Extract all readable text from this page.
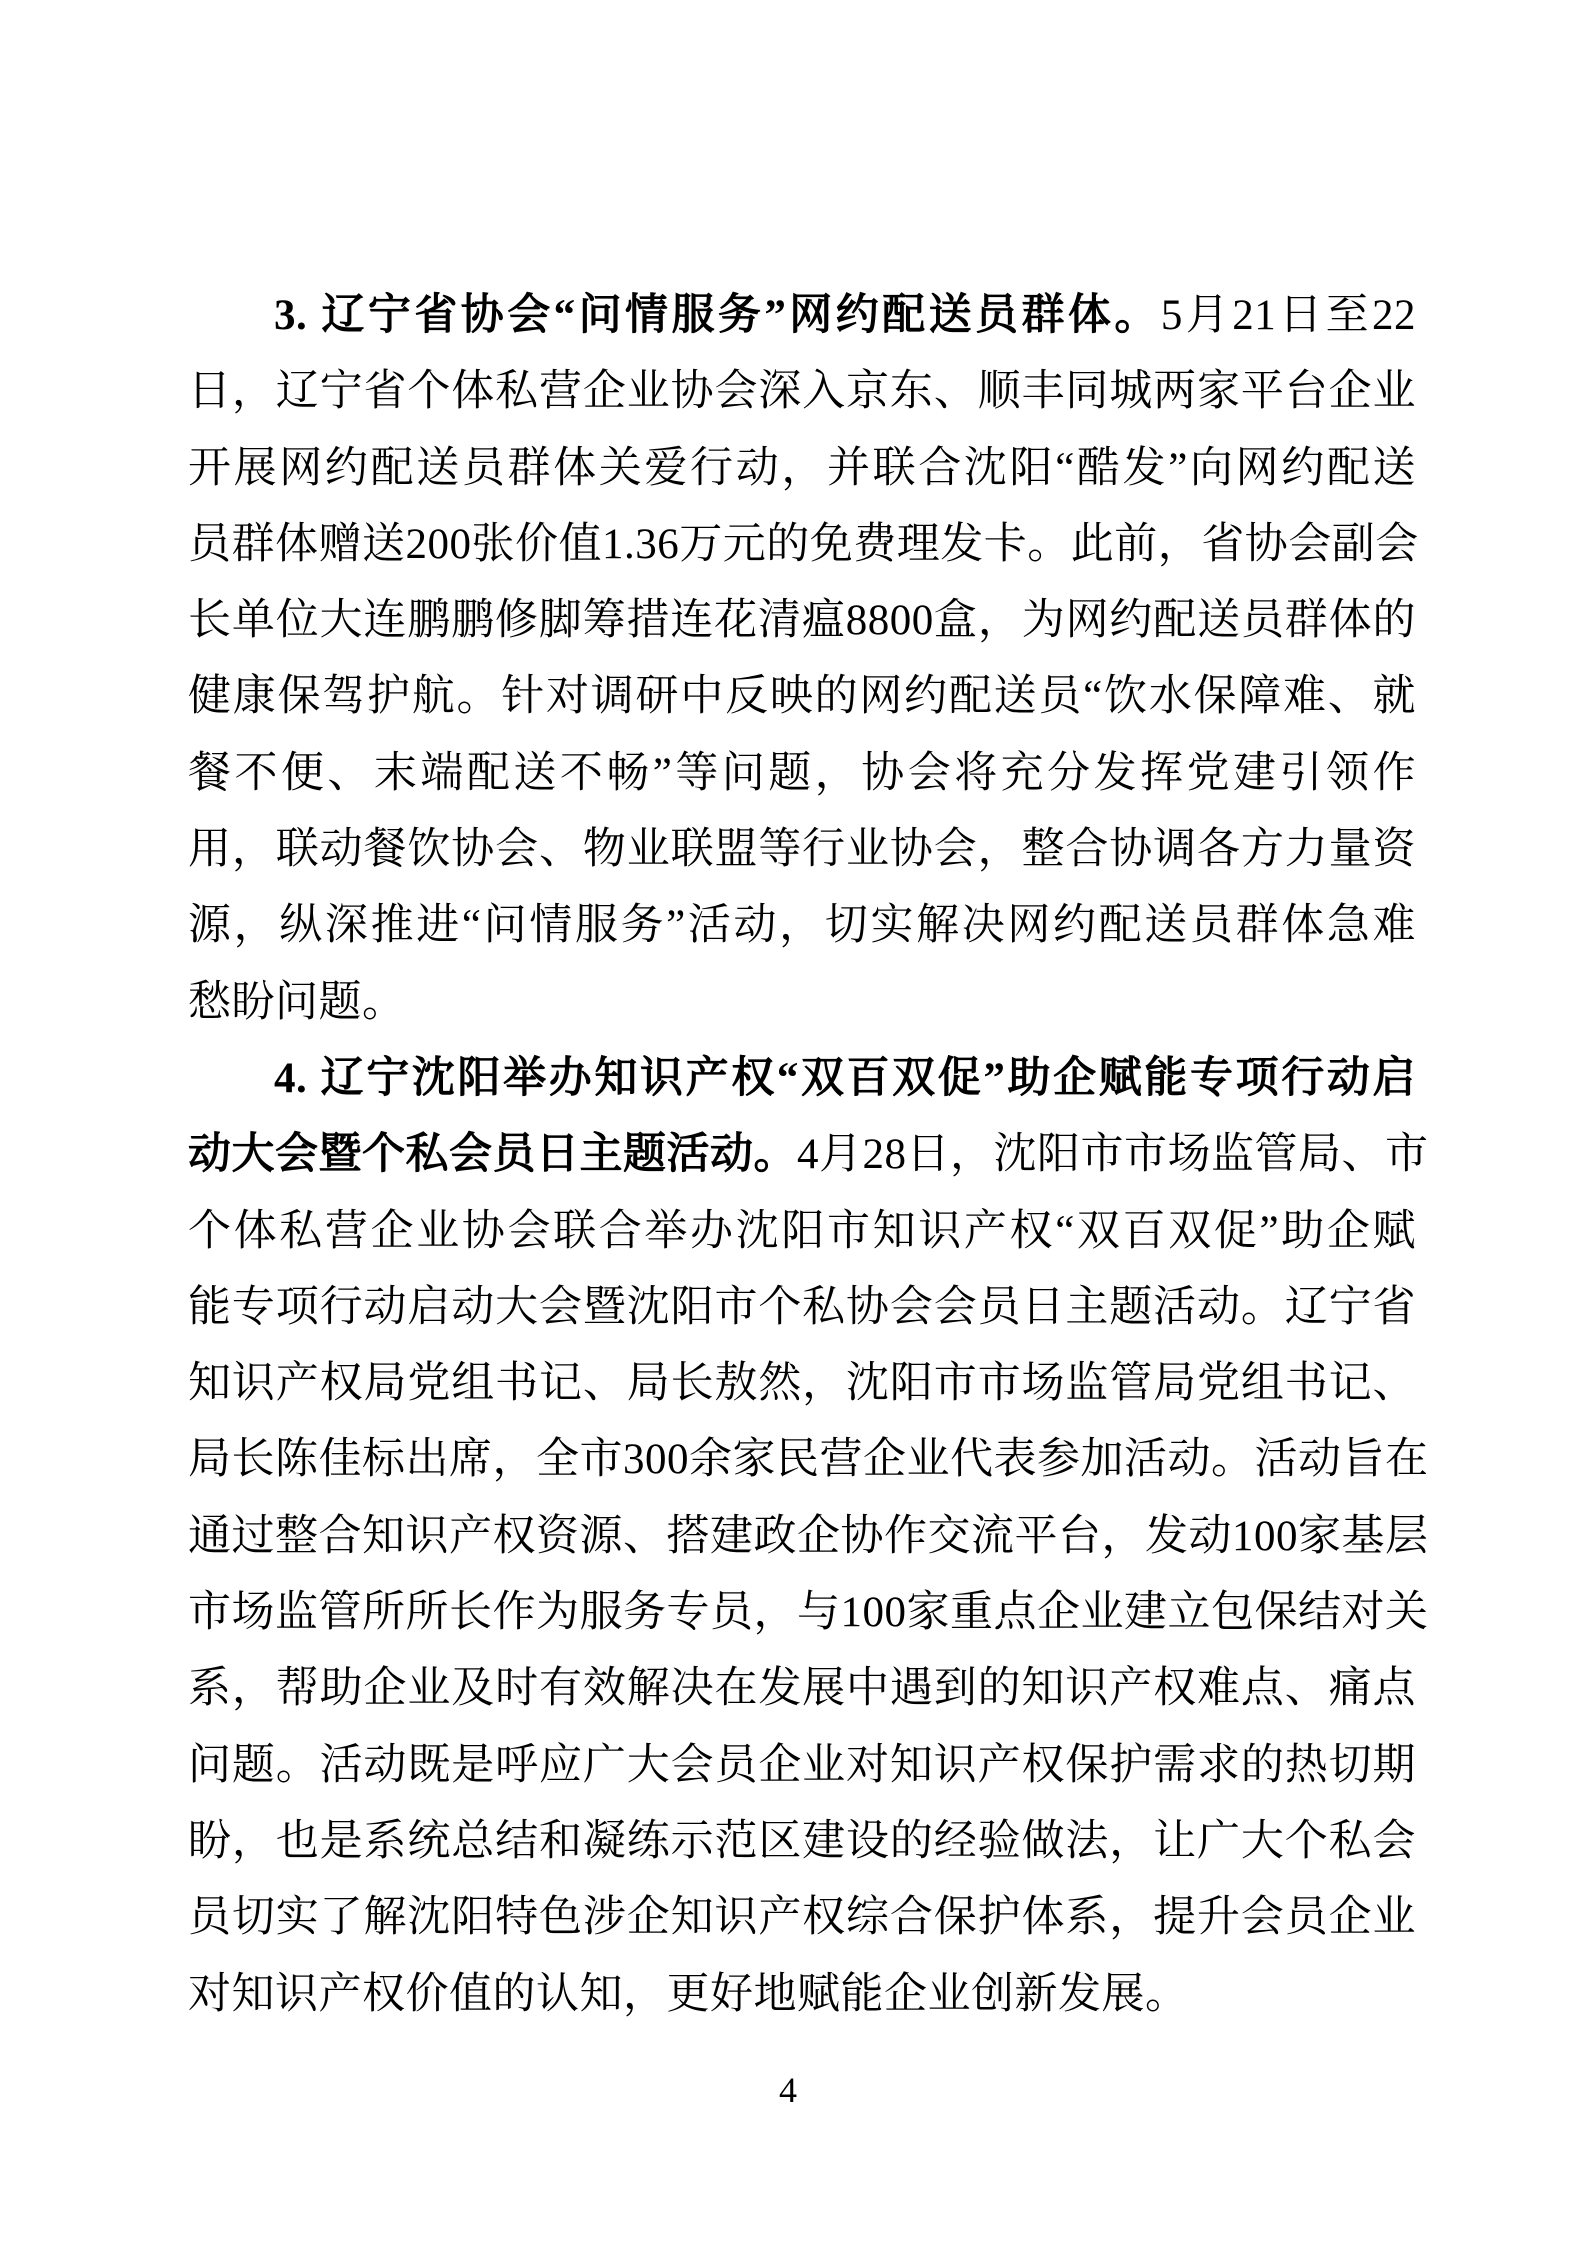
3. 辽宁省协会“问情服务”网约配送员群体。5月21日至22
日，辽宁省个体私营企业协会深入京东、顺丰同城两家平台企业
开展网约配送员群体关爱行动，并联合沈阳“酷发”向网约配送
员群体赠送200张价值1.36万元的免费理发卡。此前，省协会副会
长单位大连鹏鹏修脚筹措连花清瘟8800盒，为网约配送员群体的
健康保驾护航。针对调研中反映的网约配送员“饮水保障难、就
餐不便、末端配送不畅”等问题，协会将充分发挥党建引领作
用，联动餐饮协会、物业联盟等行业协会，整合协调各方力量资
源，纵深推进“问情服务”活动，切实解决网约配送员群体急难
愁盼问题。
4. 辽宁沈阳举办知识产权“双百双促”助企赋能专项行动启
动大会暨个私会员日主题活动。4月28日，沈阳市市场监管局、市
个体私营企业协会联合举办沈阳市知识产权“双百双促”助企赋
能专项行动启动大会暨沈阳市个私协会会员日主题活动。辽宁省
知识产权局党组书记、局长敖然，沈阳市市场监管局党组书记、
局长陈佳标出席，全市300余家民营企业代表参加活动。活动旨在
通过整合知识产权资源、搭建政企协作交流平台，发动100家基层
市场监管所所长作为服务专员，与100家重点企业建立包保结对关
系，帮助企业及时有效解决在发展中遇到的知识产权难点、痛点
问题。活动既是呼应广大会员企业对知识产权保护需求的热切期
盼，也是系统总结和凝练示范区建设的经验做法，让广大个私会
员切实了解沈阳特色涉企知识产权综合保护体系，提升会员企业
对知识产权价值的认知，更好地赋能企业创新发展。
4
